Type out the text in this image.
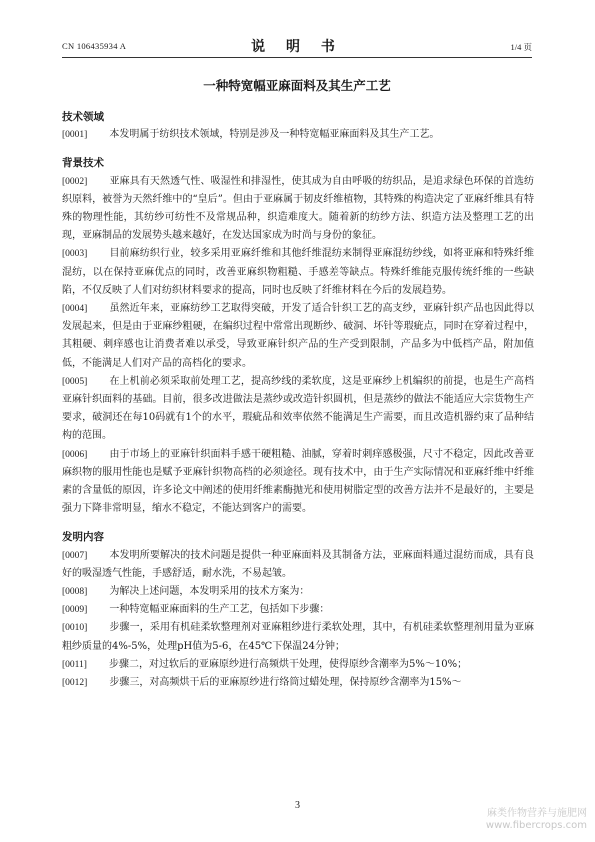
CN 106435934 A	说 明 书	1/4 页
一种特宽幅亚麻面料及其生产工艺
技术领域

[0001] 本发明属于纺织技术领域，特别是涉及一种特宽幅亚麻面料及其生产工艺。

背景技术

[0002] 亚麻具有天然透气性、吸湿性和排湿性，使其成为自由呼吸的纺织品，是追求绿色环保的首选纺织原料，被誉为天然纤维中的“皇后”。但由于亚麻属于韧皮纤维植物，其特殊的构造决定了亚麻纤维具有特殊的物理性能，其纺纱可纺性不及常规品种，织造难度大。随着新的纺纱方法、织造方法及整理工艺的出现，亚麻制品的发展势头越来越好，在发达国家成为时尚与身份的象征。

[0003] 目前麻纺织行业，较多采用亚麻纤维和其他纤维混纺来制得亚麻混纺纱线，如将亚麻和特殊纤维混纺，以在保持亚麻优点的同时，改善亚麻织物粗糙、手感差等缺点。特殊纤维能克服传统纤维的一些缺陷，不仅反映了人们对纺织材料要求的提高，同时也反映了纤维材料在今后的发展趋势。

[0004] 虽然近年来，亚麻纺纱工艺取得突破，开发了适合针织工艺的高支纱，亚麻针织产品也因此得以发展起来，但是由于亚麻纱粗硬，在编织过程中常常出现断纱、破洞、坏针等瑕疵点，同时在穿着过程中，其粗硬、刺痒感也让消费者难以承受，导致亚麻针织产品的生产受到限制，产品多为中低档产品，附加值低，不能满足人们对产品的高档化的要求。

[0005] 在上机前必须采取前处理工艺，提高纱线的柔软度，这是亚麻纱上机编织的前提，也是生产高档亚麻针织面料的基础。目前，很多改进做法是蒸纱或改造针织圆机，但是蒸纱的做法不能适应大宗货物生产要求，破洞还在每10码就有1个的水平，瑕疵品和效率依然不能满足生产需要，而且改造机器约束了品种结构的范围。

[0006] 由于市场上的亚麻针织面料手感干硬粗糙、油腻，穿着时刺痒感极强，尺寸不稳定，因此改善亚麻织物的服用性能也是赋予亚麻针织物高档的必须途径。现有技术中，由于生产实际情况和亚麻纤维中纤维素的含量低的原因，许多论文中阐述的使用纤维素酶抛光和使用树脂定型的改善方法并不是最好的，主要是强力下降非常明显，缩水不稳定，不能达到客户的需要。

发明内容

[0007] 本发明所要解决的技术问题是提供一种亚麻面料及其制备方法，亚麻面料通过混纺而成，具有良好的吸湿透气性能，手感舒适，耐水洗，不易起皱。

[0008] 为解决上述问题，本发明采用的技术方案为：

[0009] 一种特宽幅亚麻面料的生产工艺，包括如下步骤：

[0010] 步骤一，采用有机硅柔软整理剂对亚麻粗纱进行柔软处理，其中，有机硅柔软整理剂用量为亚麻粗纱质量的4%-5%，处理pH值为5-6，在45℃下保温24分钟；

[0011] 步骤二，对过软后的亚麻原纱进行高频烘干处理，使得原纱含潮率为5%～10%；

[0012] 步骤三，对高频烘干后的亚麻原纱进行络筒过蜡处理，保持原纱含潮率为15%～

3
麻类作物营养与施肥网
www.fibercrops.com
